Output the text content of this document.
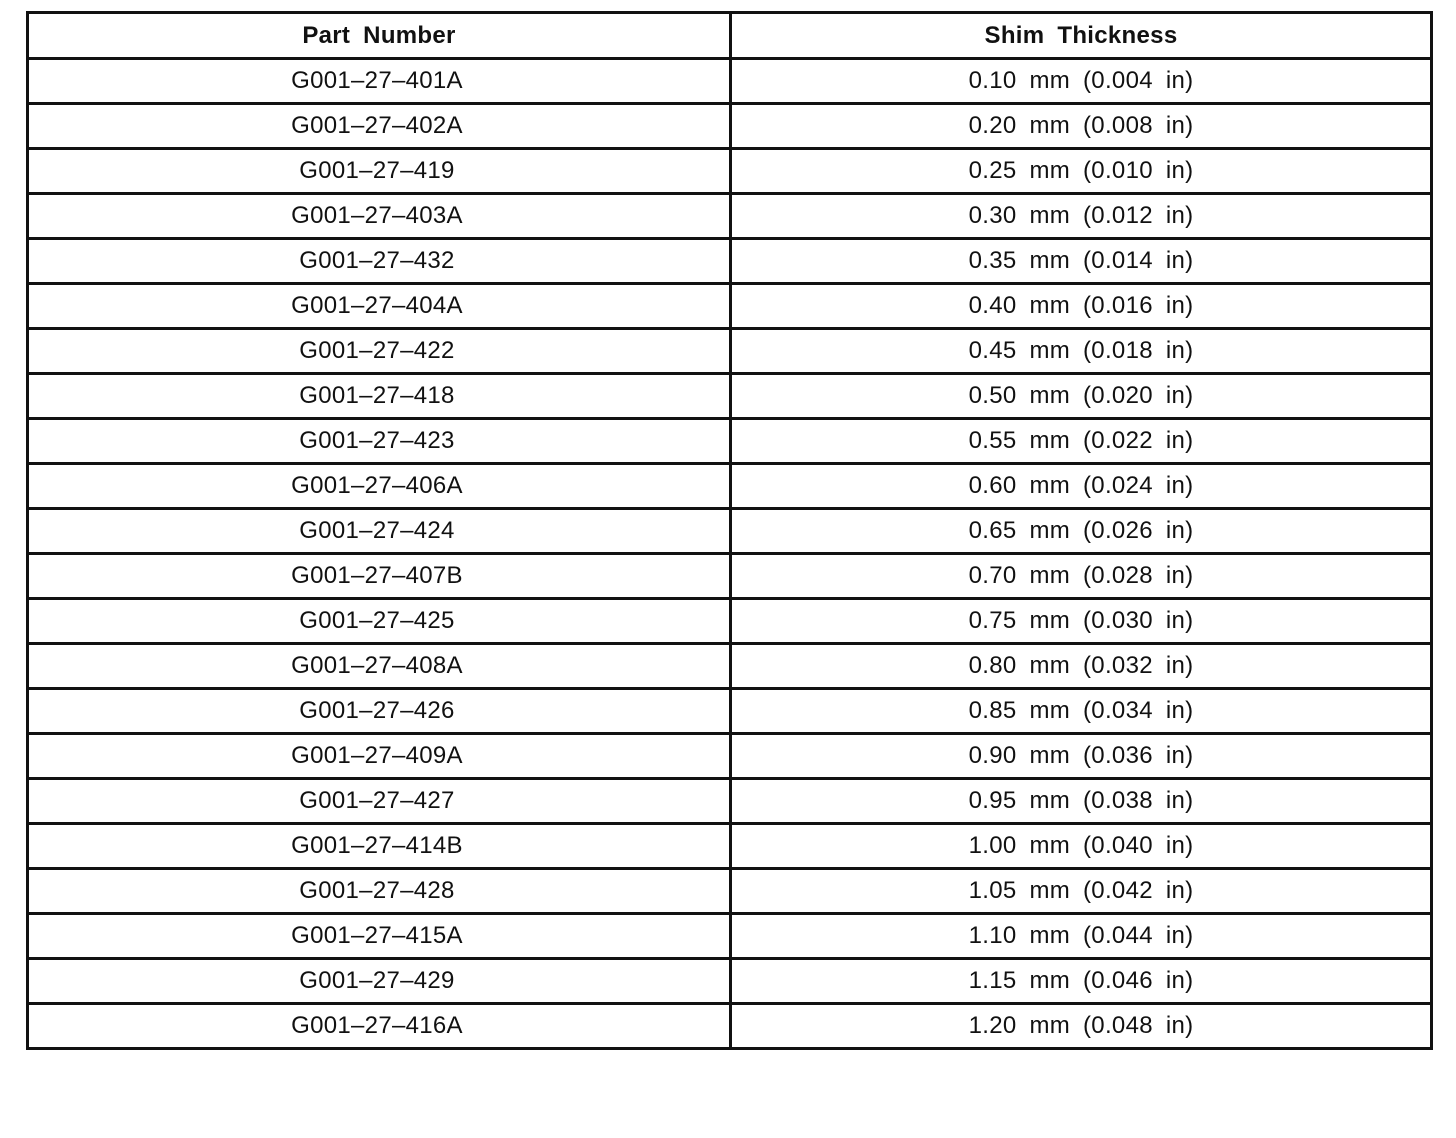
Part Number	Shim Thickness
G001–27–401A	0.10 mm (0.004 in)
G001–27–402A	0.20 mm (0.008 in)
G001–27–419	0.25 mm (0.010 in)
G001–27–403A	0.30 mm (0.012 in)
G001–27–432	0.35 mm (0.014 in)
G001–27–404A	0.40 mm (0.016 in)
G001–27–422	0.45 mm (0.018 in)
G001–27–418	0.50 mm (0.020 in)
G001–27–423	0.55 mm (0.022 in)
G001–27–406A	0.60 mm (0.024 in)
G001–27–424	0.65 mm (0.026 in)
G001–27–407B	0.70 mm (0.028 in)
G001–27–425	0.75 mm (0.030 in)
G001–27–408A	0.80 mm (0.032 in)
G001–27–426	0.85 mm (0.034 in)
G001–27–409A	0.90 mm (0.036 in)
G001–27–427	0.95 mm (0.038 in)
G001–27–414B	1.00 mm (0.040 in)
G001–27–428	1.05 mm (0.042 in)
G001–27–415A	1.10 mm (0.044 in)
G001–27–429	1.15 mm (0.046 in)
G001–27–416A	1.20 mm (0.048 in)
